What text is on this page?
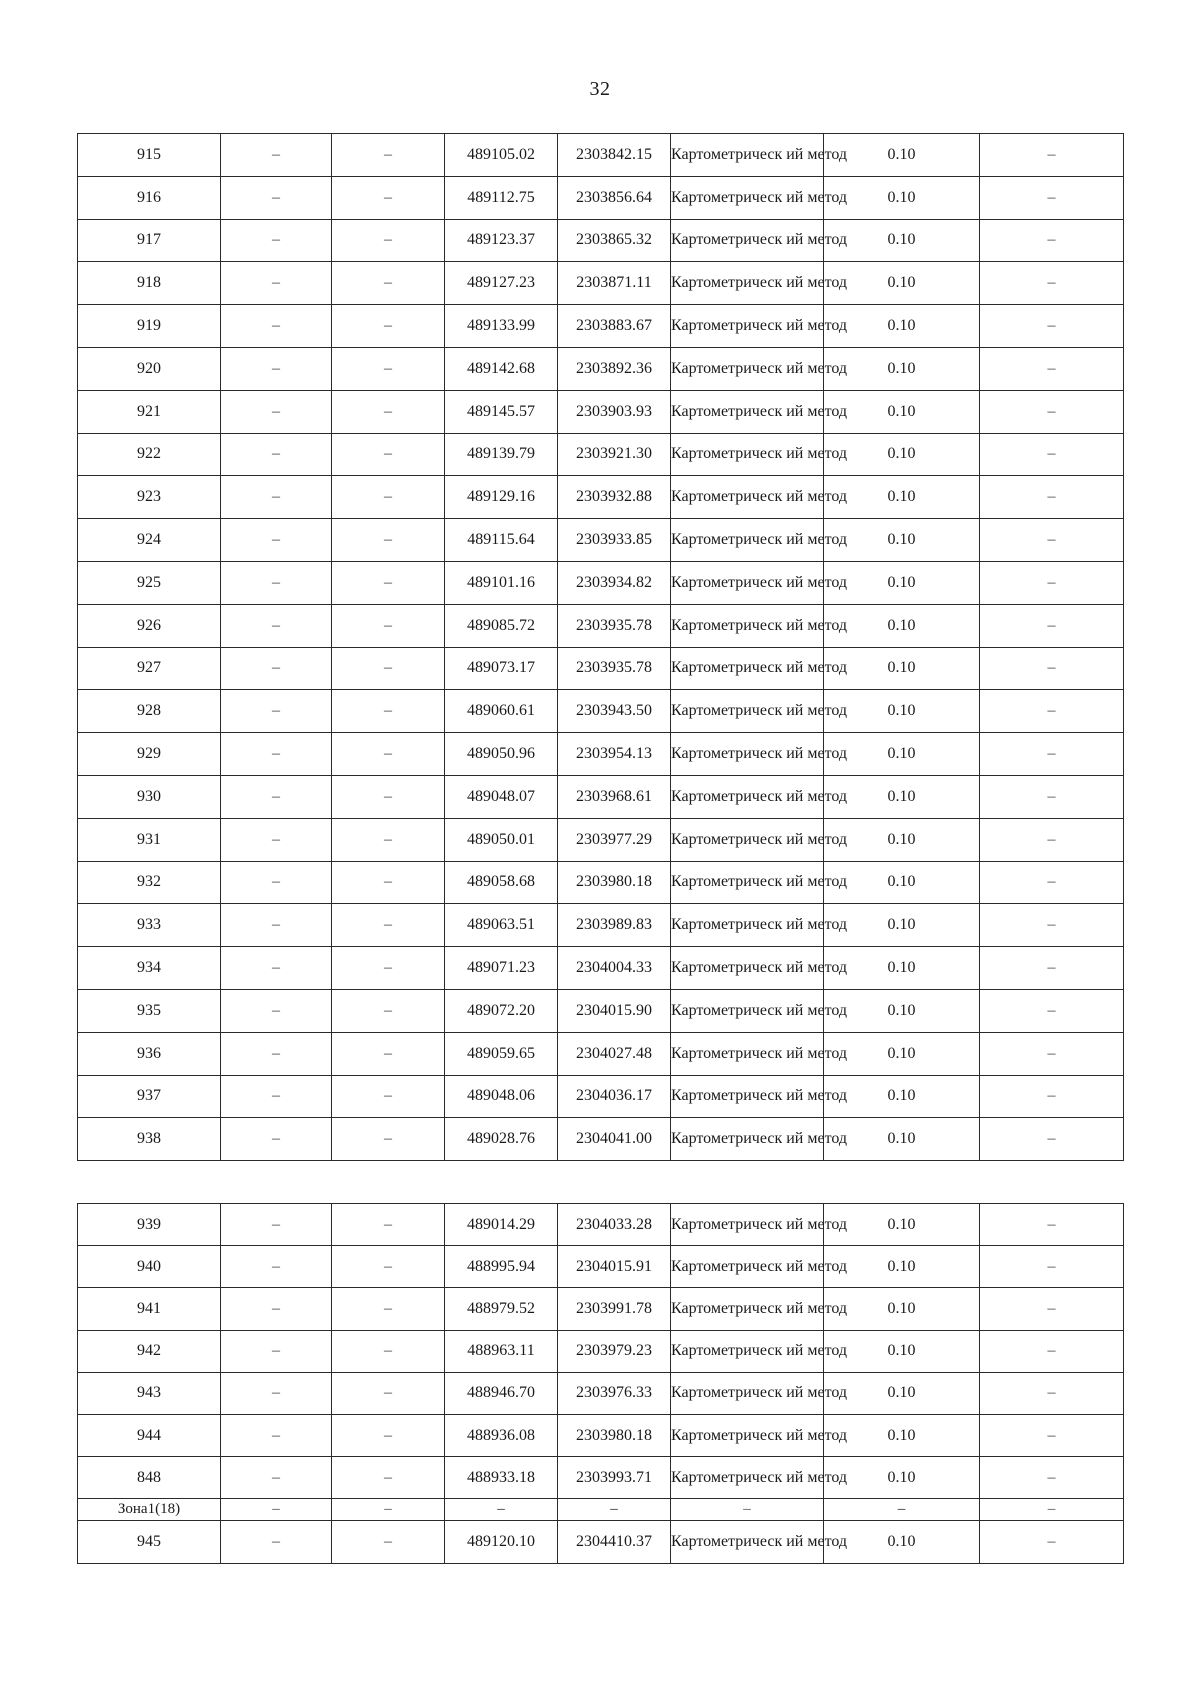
32
915	–	–	489105.02	2303842.15	Картометрическ ий метод	0.10	–
916	–	–	489112.75	2303856.64	Картометрическ ий метод	0.10	–
917	–	–	489123.37	2303865.32	Картометрическ ий метод	0.10	–
918	–	–	489127.23	2303871.11	Картометрическ ий метод	0.10	–
919	–	–	489133.99	2303883.67	Картометрическ ий метод	0.10	–
920	–	–	489142.68	2303892.36	Картометрическ ий метод	0.10	–
921	–	–	489145.57	2303903.93	Картометрическ ий метод	0.10	–
922	–	–	489139.79	2303921.30	Картометрическ ий метод	0.10	–
923	–	–	489129.16	2303932.88	Картометрическ ий метод	0.10	–
924	–	–	489115.64	2303933.85	Картометрическ ий метод	0.10	–
925	–	–	489101.16	2303934.82	Картометрическ ий метод	0.10	–
926	–	–	489085.72	2303935.78	Картометрическ ий метод	0.10	–
927	–	–	489073.17	2303935.78	Картометрическ ий метод	0.10	–
928	–	–	489060.61	2303943.50	Картометрическ ий метод	0.10	–
929	–	–	489050.96	2303954.13	Картометрическ ий метод	0.10	–
930	–	–	489048.07	2303968.61	Картометрическ ий метод	0.10	–
931	–	–	489050.01	2303977.29	Картометрическ ий метод	0.10	–
932	–	–	489058.68	2303980.18	Картометрическ ий метод	0.10	–
933	–	–	489063.51	2303989.83	Картометрическ ий метод	0.10	–
934	–	–	489071.23	2304004.33	Картометрическ ий метод	0.10	–
935	–	–	489072.20	2304015.90	Картометрическ ий метод	0.10	–
936	–	–	489059.65	2304027.48	Картометрическ ий метод	0.10	–
937	–	–	489048.06	2304036.17	Картометрическ ий метод	0.10	–
938	–	–	489028.76	2304041.00	Картометрическ ий метод	0.10	–
939	–	–	489014.29	2304033.28	Картометрическ ий метод	0.10	–
940	–	–	488995.94	2304015.91	Картометрическ ий метод	0.10	–
941	–	–	488979.52	2303991.78	Картометрическ ий метод	0.10	–
942	–	–	488963.11	2303979.23	Картометрическ ий метод	0.10	–
943	–	–	488946.70	2303976.33	Картометрическ ий метод	0.10	–
944	–	–	488936.08	2303980.18	Картометрическ ий метод	0.10	–
848	–	–	488933.18	2303993.71	Картометрическ ий метод	0.10	–
Зона1(18)	–	–	–	–	–	–	–
945	–	–	489120.10	2304410.37	Картометрическ ий метод	0.10	–
